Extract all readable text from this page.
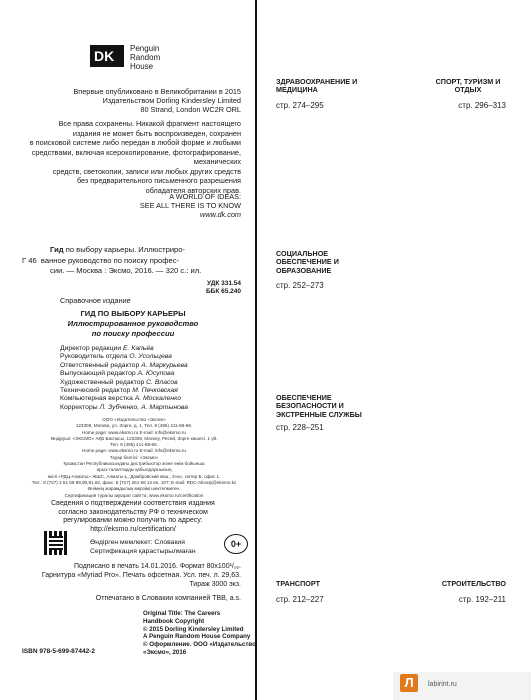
DK Penguin
Random
House
Впервые опубликовано в Великобритании в 2015
Издательством Dorling Kindersley Limited
80 Strand, London WC2R ORL
Все права сохранены. Никакой фрагмент настоящего
издания не может быть воспроизведен, сохранен
в поисковой системе либо передан в любой форме и любыми
средствами, включая ксерокопирование, фотографирование, механических
средств, светокопии, записи или любых других средств
без предварительного письменного разрешения
обладателя авторских прав.
A WORLD OF IDEAS:
SEE ALL THERE IS TO KNOW
www.dk.com
Гид по выбору карьеры. Иллюстриро-
Г 46 ванное руководство по поиску профес-
сии. — Москва : Эксмо, 2016. — 320 с.: ил.
УДК 331.54
ББК 65.240
Справочное издание
ГИД ПО ВЫБОРУ КАРЬЕРЫ
Иллюстрированное руководство
по поиску профессии
Директор редакции Е. Капьёв
Руководитель отдела О. Усольцева
Ответственный редактор А. Маркурьева
Выпускающий редактор А. Юсупова
Художественный редактор С. Власов
Технический редактор М. Печковская
Компьютерная верстка А. Москаленко
Корректоры Л. Зубченко, А. Мартынова
ООО «Издательство «Эксмо»
123308, Москва, ул. Зорге, д. 1. Тел. 8 (495) 411-68-86.
Home page: www.eksmo.ru E-mail: info@eksmo.ru
Өндіруші: «ЭКСМО» АҚБ Баспасы, 123308, Мәскеу, Ресей, Зорге көшесі, 1 үй.
Тел. 8 (495) 411-68-86.
Home page: www.eksmo.ru E-mail: info@eksmo.ru
Тауар белгісі: «Эксмо»
Қазақстан Республикасындағы дистрибьютор және өнім бойынша
арыз-талаптарды қабылдаушының
өкілі «РДЦ-Алматы» ЖШС, Алматы қ., Домбровский көш., 3«а», литер Б, офис 1.
Тел.: 8 (727) 2 51 59 89,90,91,92, факс: 8 (727) 251 58 12 вн. 107; E-mail: RDC-Almaty@eksmo.kz
Өнімнің жарамдылық мерзімі шектелмеген.
Сертификация туралы ақпарат сайтта: www.eksmo.ru/certification
Сведения о подтверждении соответствия издания
согласно законодательству РФ о техническом
регулировании можно получить по адресу:
http://eksmo.ru/certification/
Өндірген мемлекет: Словакия
Сертификация қарастырылмаған
0+
Подписано в печать 14.01.2016. Формат 80x100¹/₁₆.
Гарнитура «Myriad Pro». Печать офсетная. Усл. печ. л. 29,63.
Тираж 3000 экз.
Отпечатано в Словакии компанией TBB, a.s.
ISBN 978-5-699-87442-2
Original Title: The Careers
Handbook Copyright
© 2015 Dorling Kindersley Limited
A Penguin Random House Company
© Оформление. ООО «Издательство
«Эксмо», 2016
ЗДРАВООХРАНЕНИЕ И МЕДИЦИНА
стр. 274–295
СПОРТ, ТУРИЗМ И ОТДЫХ
стр. 296–313
СОЦИАЛЬНОЕ ОБЕСПЕЧЕНИЕ И ОБРАЗОВАНИЕ
стр. 252–273
ОБЕСПЕЧЕНИЕ БЕЗОПАСНОСТИ И ЭКСТРЕННЫЕ СЛУЖБЫ
стр. 228–251
ТРАНСПОРТ
стр. 212–227
СТРОИТЕЛЬСТВО
стр. 192–211
Л	labirint.ru
